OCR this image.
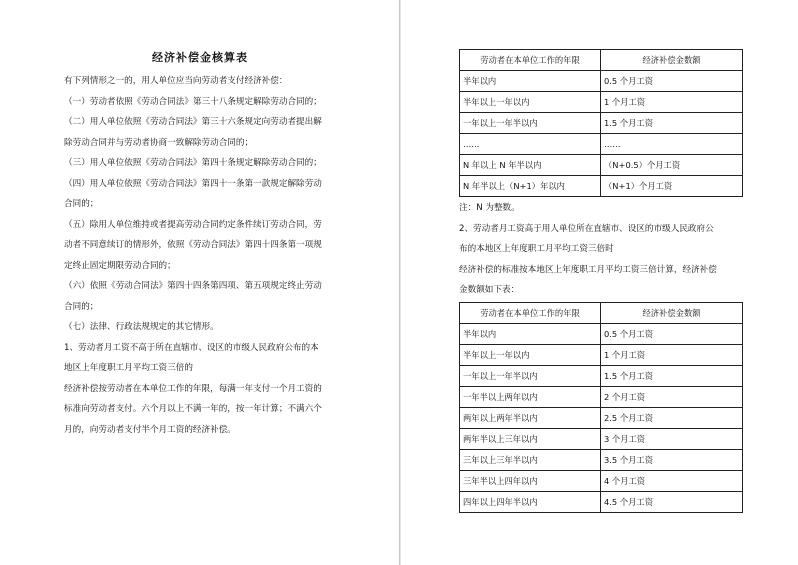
经济补偿金核算表
有下列情形之一的，用人单位应当向劳动者支付经济补偿：
（一）劳动者依照《劳动合同法》第三十八条规定解除劳动合同的；
（二）用人单位依照《劳动合同法》第三十六条规定向劳动者提出解
除劳动合同并与劳动者协商一致解除劳动合同的；
（三）用人单位依照《劳动合同法》第四十条规定解除劳动合同的；
（四）用人单位依照《劳动合同法》第四十一条第一款规定解除劳动
合同的；
（五）除用人单位维持或者提高劳动合同约定条件续订劳动合同，劳
动者不同意续订的情形外，依照《劳动合同法》第四十四条第一项规
定终止固定期限劳动合同的；
（六）依照《劳动合同法》第四十四条第四项、第五项规定终止劳动
合同的；
（七）法律、行政法规规定的其它情形。
1、劳动者月工资不高于所在直辖市、设区的市级人民政府公布的本
地区上年度职工月平均工资三倍的
经济补偿按劳动者在本单位工作的年限，每满一年支付一个月工资的
标准向劳动者支付。六个月以上不满一年的，按一年计算；不满六个
月的，向劳动者支付半个月工资的经济补偿。
劳动者在本单位工作的年限	经济补偿金数额
半年以内	0.5 个月工资
半年以上一年以内	1 个月工资
一年以上一年半以内	1.5 个月工资
……	……
N 年以上 N 年半以内	（N+0.5）个月工资
N 年半以上（N+1）年以内	（N+1）个月工资
注：N 为整数。
2、劳动者月工资高于用人单位所在直辖市、设区的市级人民政府公
布的本地区上年度职工月平均工资三倍时
经济补偿的标准按本地区上年度职工月平均工资三倍计算，经济补偿
金数额如下表：
劳动者在本单位工作的年限	经济补偿金数额
半年以内	0.5 个月工资
半年以上一年以内	1 个月工资
一年以上一年半以内	1.5 个月工资
一年半以上两年以内	2 个月工资
两年以上两年半以内	2.5 个月工资
两年半以上三年以内	3 个月工资
三年以上三年半以内	3.5 个月工资
三年半以上四年以内	4 个月工资
四年以上四年半以内	4.5 个月工资
